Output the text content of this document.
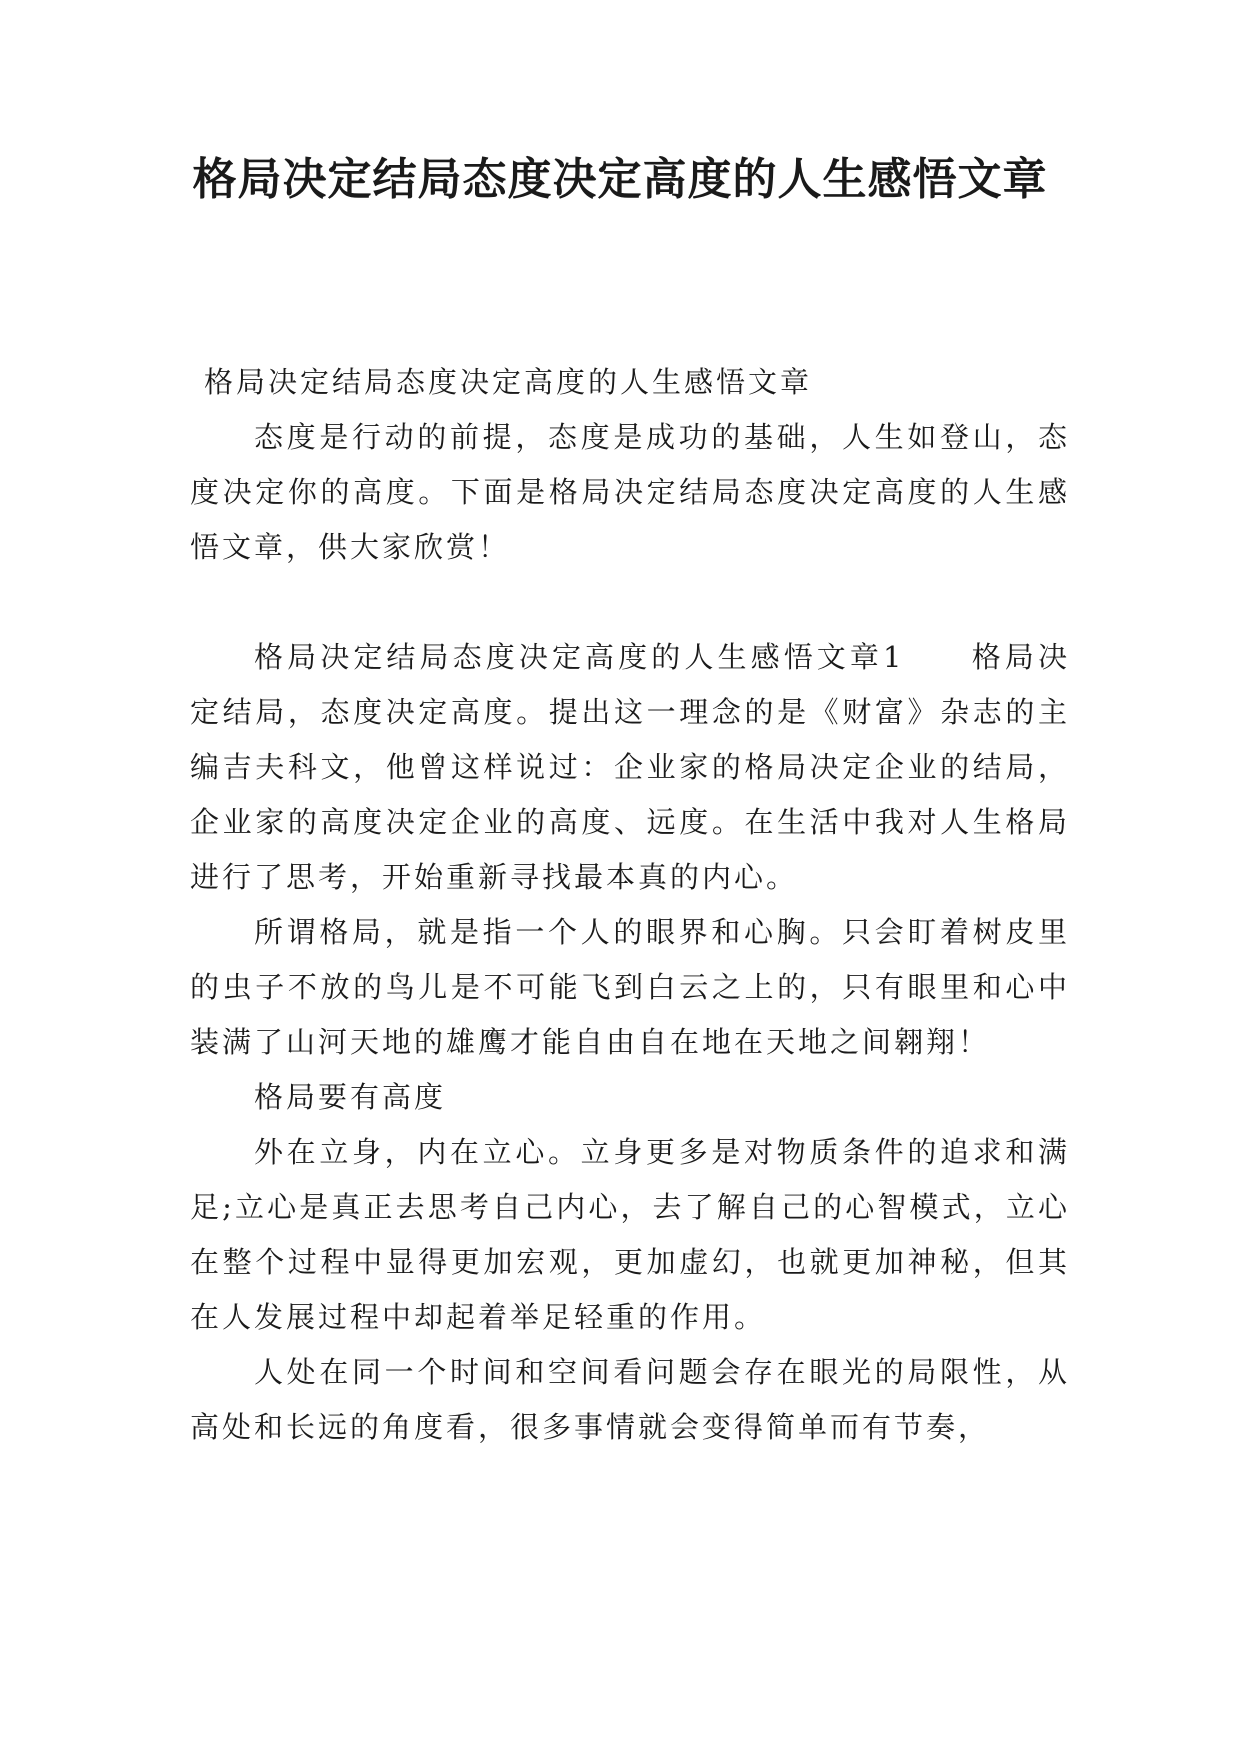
格局决定结局态度决定高度的人生感悟文章

格局决定结局态度决定高度的人生感悟文章

态度是行动的前提，态度是成功的基础，人生如登山，态度决定你的高度。下面是格局决定结局态度决定高度的人生感悟文章，供大家欣赏！

格局决定结局态度决定高度的人生感悟文章1　　格局决定结局，态度决定高度。提出这一理念的是《财富》杂志的主编吉夫科文，他曾这样说过：企业家的格局决定企业的结局，企业家的高度决定企业的高度、远度。在生活中我对人生格局进行了思考，开始重新寻找最本真的内心。

所谓格局，就是指一个人的眼界和心胸。只会盯着树皮里的虫子不放的鸟儿是不可能飞到白云之上的，只有眼里和心中装满了山河天地的雄鹰才能自由自在地在天地之间翱翔！

格局要有高度

外在立身，内在立心。立身更多是对物质条件的追求和满足;立心是真正去思考自己内心，去了解自己的心智模式，立心在整个过程中显得更加宏观，更加虚幻，也就更加神秘，但其在人发展过程中却起着举足轻重的作用。

人处在同一个时间和空间看问题会存在眼光的局限性，从高处和长远的角度看，很多事情就会变得简单而有节奏，
